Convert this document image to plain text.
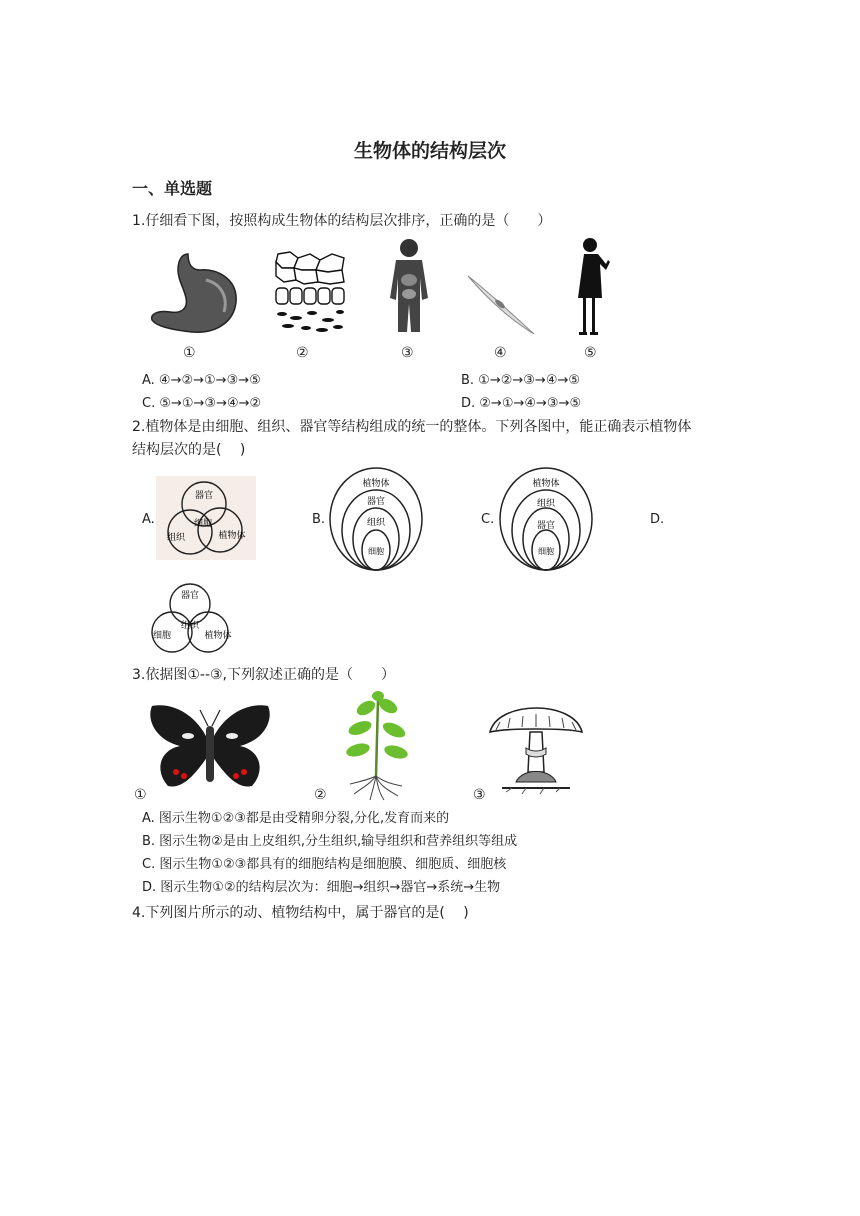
生物体的结构层次
一、单选题
1.仔细看下图，按照构成生物体的结构层次排序，正确的是（　　）
①	②	③	④	⑤
A. ④→②→①→③→⑤	B. ①→②→③→④→⑤
C. ⑤→①→③→④→②	D. ②→①→④→③→⑤
2.植物体是由细胞、组织、器官等结构组成的统一的整体。下列各图中，能正确表示植物体
结构层次的是(　 )
A.
器官
细胞
组织	植物体
B.
植物体
器官
组织
细胞
C.
植物体
组织
器官
细胞
D.
器官
组织
细胞	植物体
3.依据图①--③,下列叙述正确的是（　　）
①	②	③
A. 图示生物①②③都是由受精卵分裂,分化,发育而来的
B. 图示生物②是由上皮组织,分生组织,输导组织和营养组织等组成
C. 图示生物①②③都具有的细胞结构是细胞膜、细胞质、细胞核
D. 图示生物①②的结构层次为：细胞→组织→器官→系统→生物
4.下列图片所示的动、植物结构中，属于器官的是(　 )
